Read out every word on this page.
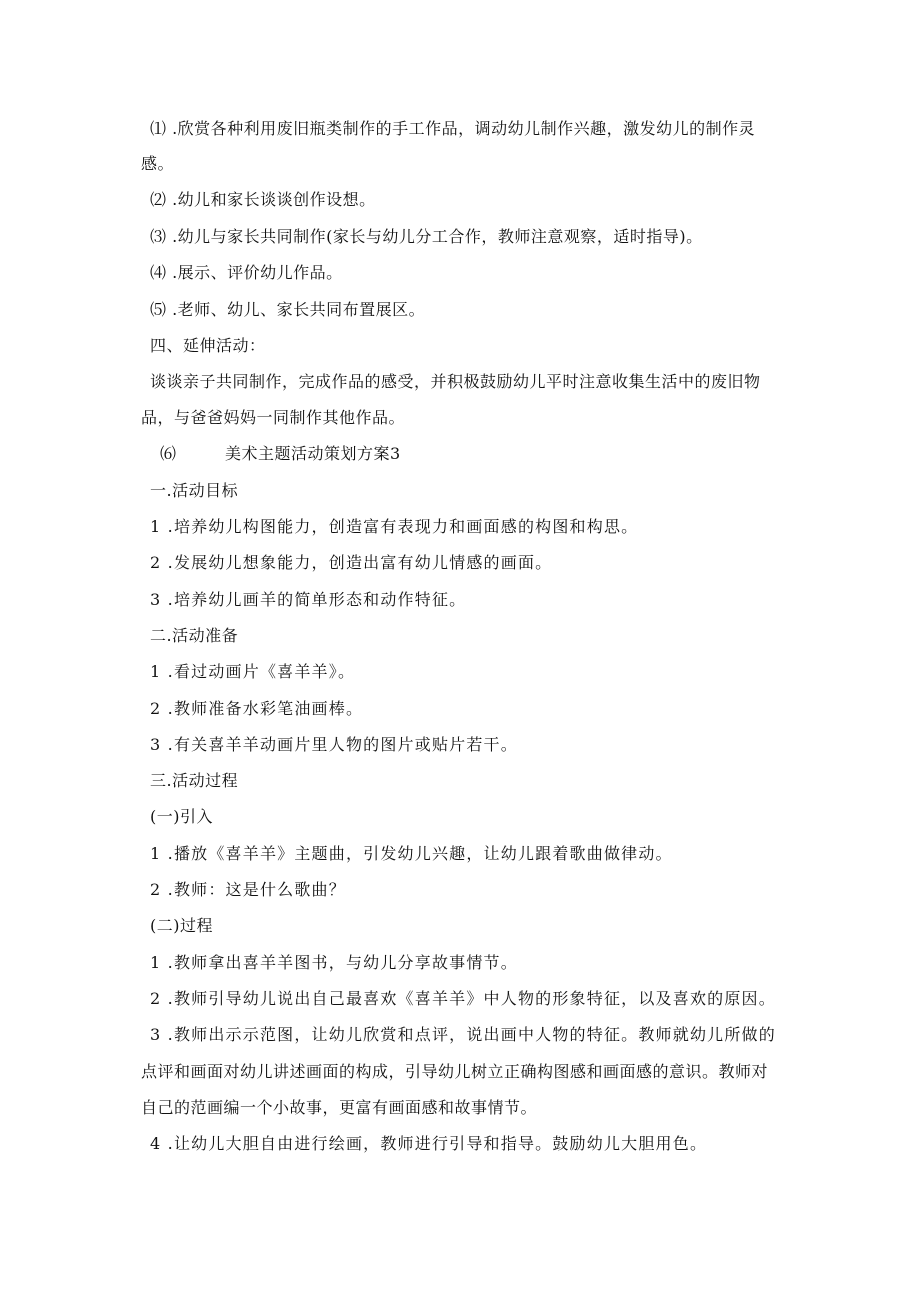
⑴ .欣赏各种利用废旧瓶类制作的手工作品，调动幼儿制作兴趣，激发幼儿的制作灵
感。
⑵ .幼儿和家长谈谈创作设想。
⑶ .幼儿与家长共同制作(家长与幼儿分工合作，教师注意观察，适时指导)。
⑷ .展示、评价幼儿作品。
⑸ .老师、幼儿、家长共同布置展区。
四、延伸活动：
谈谈亲子共同制作，完成作品的感受，并积极鼓励幼儿平时注意收集生活中的废旧物
品，与爸爸妈妈一同制作其他作品。
⑹	美术主题活动策划方案3
一.活动目标
1 .培养幼儿构图能力，创造富有表现力和画面感的构图和构思。
2 .发展幼儿想象能力，创造出富有幼儿情感的画面。
3 .培养幼儿画羊的简单形态和动作特征。
二.活动准备
1 .看过动画片《喜羊羊》。
2 .教师准备水彩笔油画棒。
3 .有关喜羊羊动画片里人物的图片或贴片若干。
三.活动过程
(一)引入
1 .播放《喜羊羊》主题曲，引发幼儿兴趣，让幼儿跟着歌曲做律动。
2 .教师：这是什么歌曲？
(二)过程
1 .教师拿出喜羊羊图书，与幼儿分享故事情节。
2 .教师引导幼儿说出自己最喜欢《喜羊羊》中人物的形象特征，以及喜欢的原因。
3 .教师出示示范图，让幼儿欣赏和点评，说出画中人物的特征。教师就幼儿所做的
点评和画面对幼儿讲述画面的构成，引导幼儿树立正确构图感和画面感的意识。教师对
自己的范画编一个小故事，更富有画面感和故事情节。
4 .让幼儿大胆自由进行绘画，教师进行引导和指导。鼓励幼儿大胆用色。
